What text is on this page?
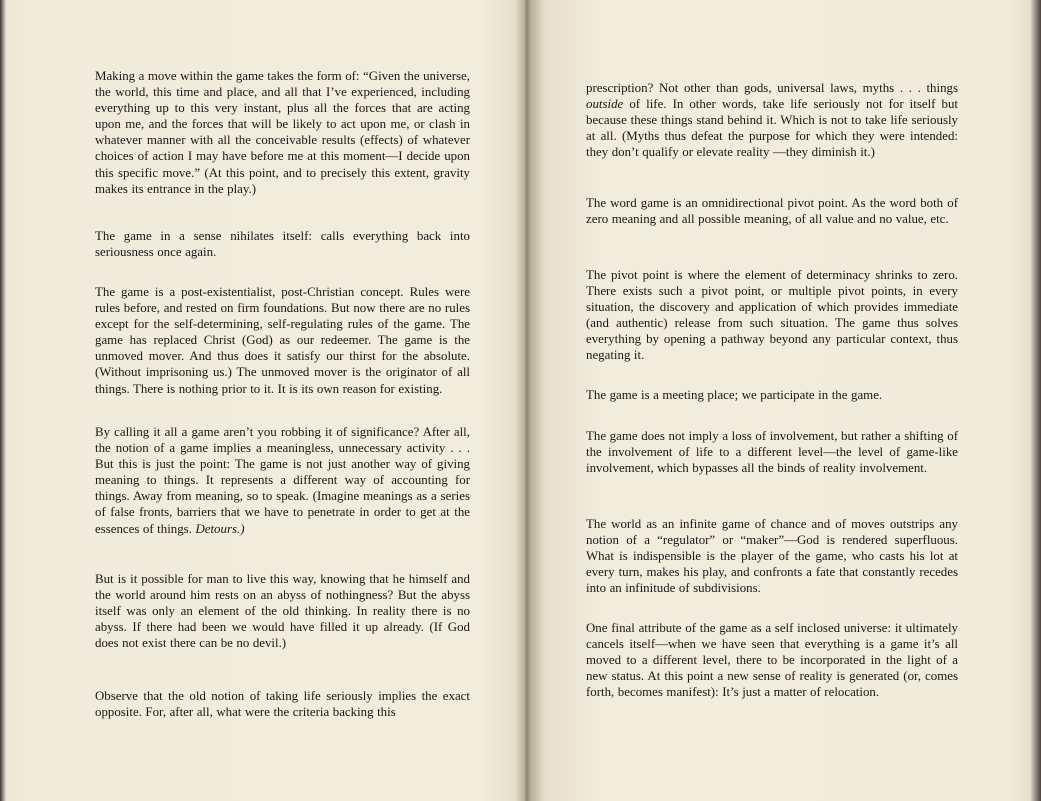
Making a move within the game takes the form of: “Given the universe, the world, this time and place, and all that I’ve experienced, including everything up to this very instant, plus all the forces that are acting upon me, and the forces that will be likely to act upon me, or clash in whatever manner with all the conceivable results (effects) of whatever choices of action I may have before me at this moment—I decide upon this specific move.” (At this point, and to precisely this extent, gravity makes its entrance in the play.)

The game in a sense nihilates itself: calls everything back into seriousness once again.

The game is a post-existentialist, post-Christian concept. Rules were rules before, and rested on firm foundations. But now there are no rules except for the self-determining, self-regulating rules of the game. The game has replaced Christ (God) as our redeemer. The game is the unmoved mover. And thus does it satisfy our thirst for the absolute. (Without imprisoning us.) The unmoved mover is the originator of all things. There is nothing prior to it. It is its own reason for existing.

By calling it all a game aren’t you robbing it of significance? After all, the notion of a game implies a meaningless, unnecessary activity . . . But this is just the point: The game is not just another way of giving meaning to things. It represents a different way of accounting for things. Away from meaning, so to speak. (Imagine meanings as a series of false fronts, barriers that we have to penetrate in order to get at the essences of things. Detours.)

But is it possible for man to live this way, knowing that he himself and the world around him rests on an abyss of nothingness? But the abyss itself was only an element of the old thinking. In reality there is no abyss. If there had been we would have filled it up already. (If God does not exist there can be no devil.)

Observe that the old notion of taking life seriously implies the exact opposite. For, after all, what were the criteria backing this

prescription? Not other than gods, universal laws, myths . . . things outside of life. In other words, take life seriously not for itself but because these things stand behind it. Which is not to take life seriously at all. (Myths thus defeat the purpose for which they were intended: they don’t qualify or elevate reality —they diminish it.)

The word game is an omnidirectional pivot point. As the word both of zero meaning and all possible meaning, of all value and no value, etc.

The pivot point is where the element of determinacy shrinks to zero. There exists such a pivot point, or multiple pivot points, in every situation, the discovery and application of which provides immediate (and authentic) release from such situation. The game thus solves everything by opening a pathway beyond any particular context, thus negating it.

The game is a meeting place; we participate in the game.

The game does not imply a loss of involvement, but rather a shifting of the involvement of life to a different level—the level of game-like involvement, which bypasses all the binds of reality involvement.

The world as an infinite game of chance and of moves outstrips any notion of a “regulator” or “maker”—God is rendered superfluous. What is indispensible is the player of the game, who casts his lot at every turn, makes his play, and confronts a fate that constantly recedes into an infinitude of subdivisions.

One final attribute of the game as a self inclosed universe: it ultimately cancels itself—when we have seen that everything is a game it’s all moved to a different level, there to be incorporated in the light of a new status. At this point a new sense of reality is generated (or, comes forth, becomes manifest): It’s just a matter of relocation.
